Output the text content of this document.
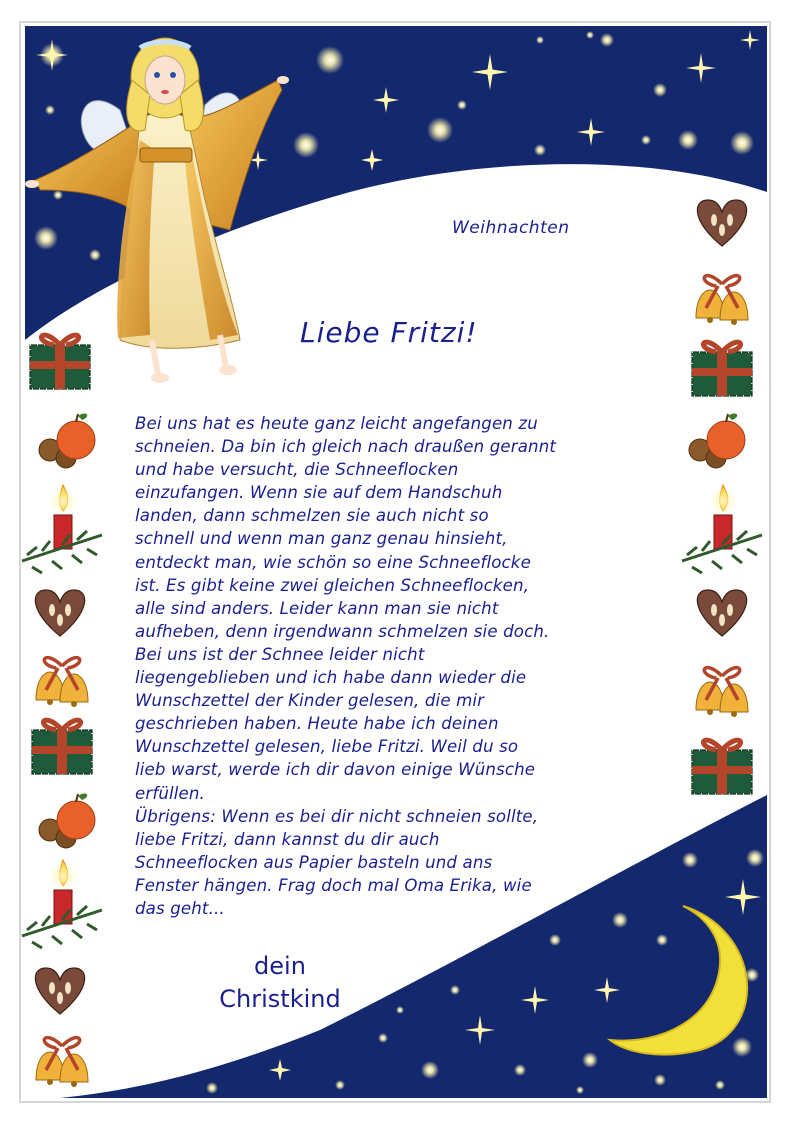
Weihnachten
Liebe Fritzi!
Bei uns hat es heute ganz leicht angefangen zu
schneien. Da bin ich gleich nach draußen gerannt
und habe versucht, die Schneeflocken
einzufangen. Wenn sie auf dem Handschuh
landen, dann schmelzen sie auch nicht so
schnell und wenn man ganz genau hinsieht,
entdeckt man, wie schön so eine Schneeflocke
ist. Es gibt keine zwei gleichen Schneeflocken,
alle sind anders. Leider kann man sie nicht
aufheben, denn irgendwann schmelzen sie doch.
Bei uns ist der Schnee leider nicht
liegengeblieben und ich habe dann wieder die
Wunschzettel der Kinder gelesen, die mir
geschrieben haben. Heute habe ich deinen
Wunschzettel gelesen, liebe Fritzi. Weil du so
lieb warst, werde ich dir davon einige Wünsche
erfüllen.
Übrigens: Wenn es bei dir nicht schneien sollte,
liebe Fritzi, dann kannst du dir auch
Schneeflocken aus Papier basteln und ans
Fenster hängen. Frag doch mal Oma Erika, wie
das geht...
dein
Christkind
